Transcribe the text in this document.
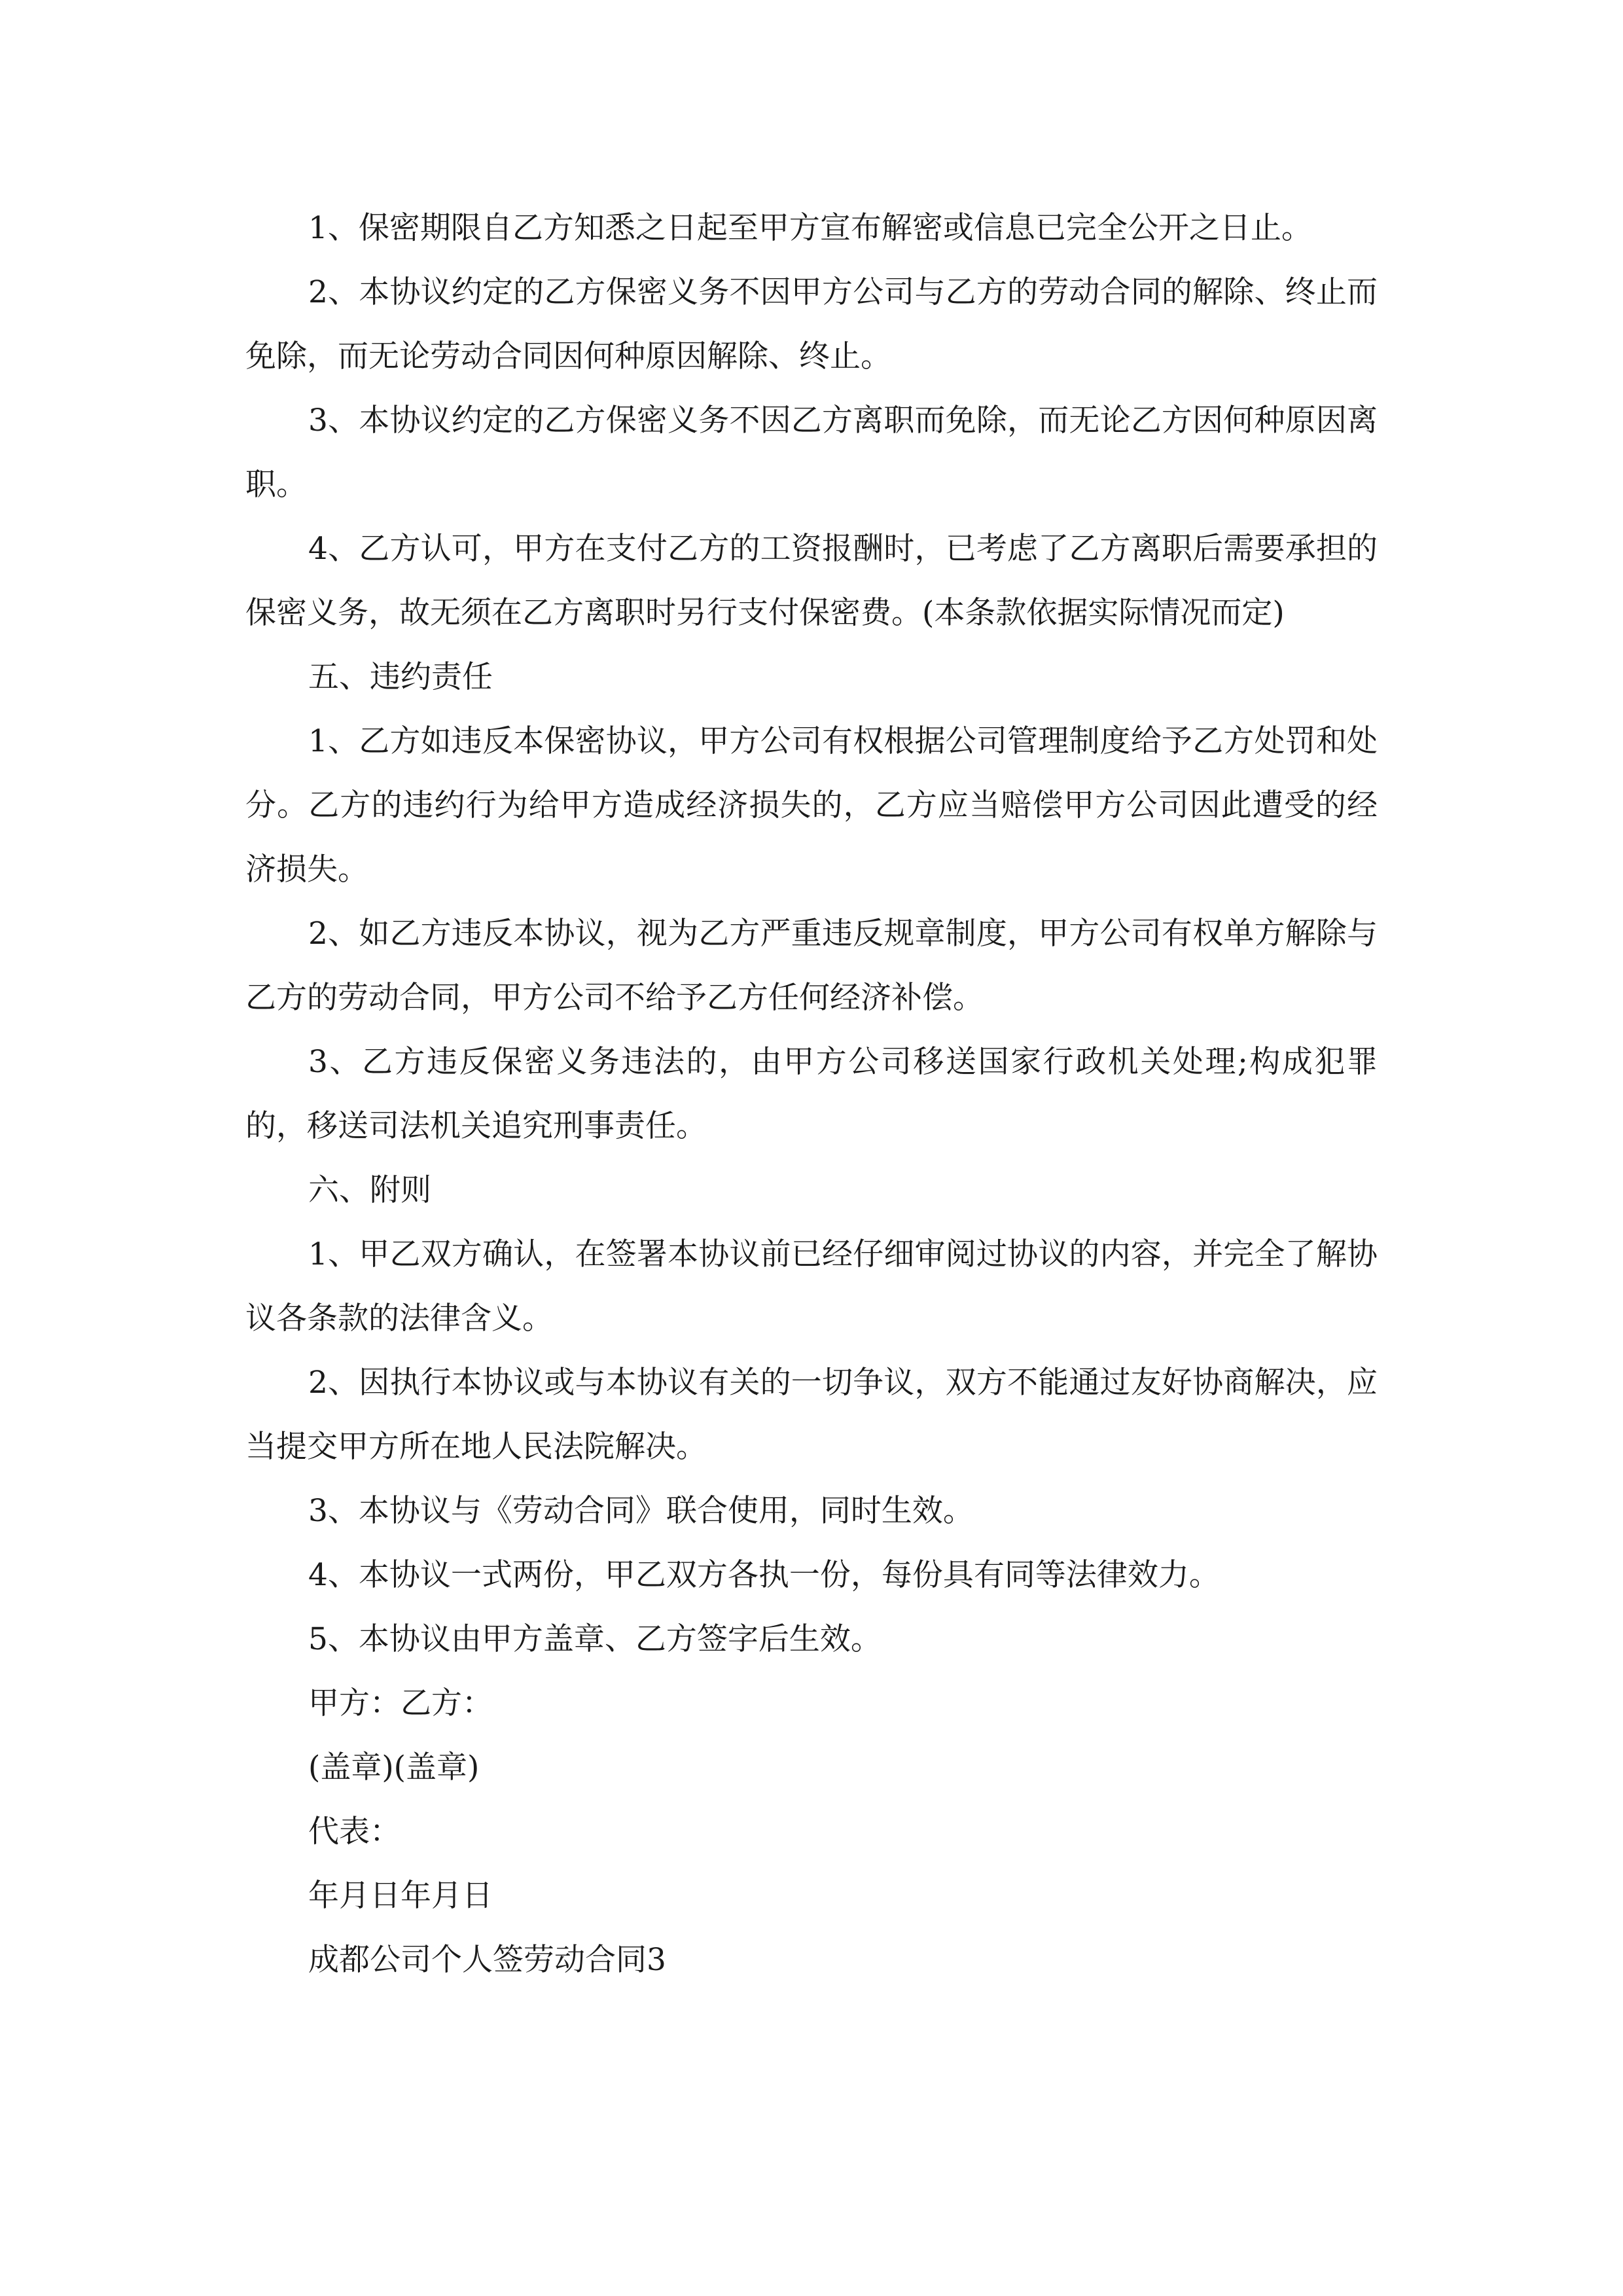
1、保密期限自乙方知悉之日起至甲方宣布解密或信息已完全公开之日止。

2、本协议约定的乙方保密义务不因甲方公司与乙方的劳动合同的解除、终止而免除，而无论劳动合同因何种原因解除、终止。

3、本协议约定的乙方保密义务不因乙方离职而免除，而无论乙方因何种原因离职。

4、乙方认可，甲方在支付乙方的工资报酬时，已考虑了乙方离职后需要承担的保密义务，故无须在乙方离职时另行支付保密费。(本条款依据实际情况而定)

五、违约责任

1、乙方如违反本保密协议，甲方公司有权根据公司管理制度给予乙方处罚和处分。乙方的违约行为给甲方造成经济损失的，乙方应当赔偿甲方公司因此遭受的经济损失。

2、如乙方违反本协议，视为乙方严重违反规章制度，甲方公司有权单方解除与乙方的劳动合同，甲方公司不给予乙方任何经济补偿。

3、乙方违反保密义务违法的，由甲方公司移送国家行政机关处理;构成犯罪的，移送司法机关追究刑事责任。

六、附则

1、甲乙双方确认，在签署本协议前已经仔细审阅过协议的内容，并完全了解协议各条款的法律含义。

2、因执行本协议或与本协议有关的一切争议，双方不能通过友好协商解决，应当提交甲方所在地人民法院解决。

3、本协议与《劳动合同》联合使用，同时生效。

4、本协议一式两份，甲乙双方各执一份，每份具有同等法律效力。

5、本协议由甲方盖章、乙方签字后生效。

甲方：乙方：

(盖章)(盖章)

代表：

年月日年月日

成都公司个人签劳动合同3
